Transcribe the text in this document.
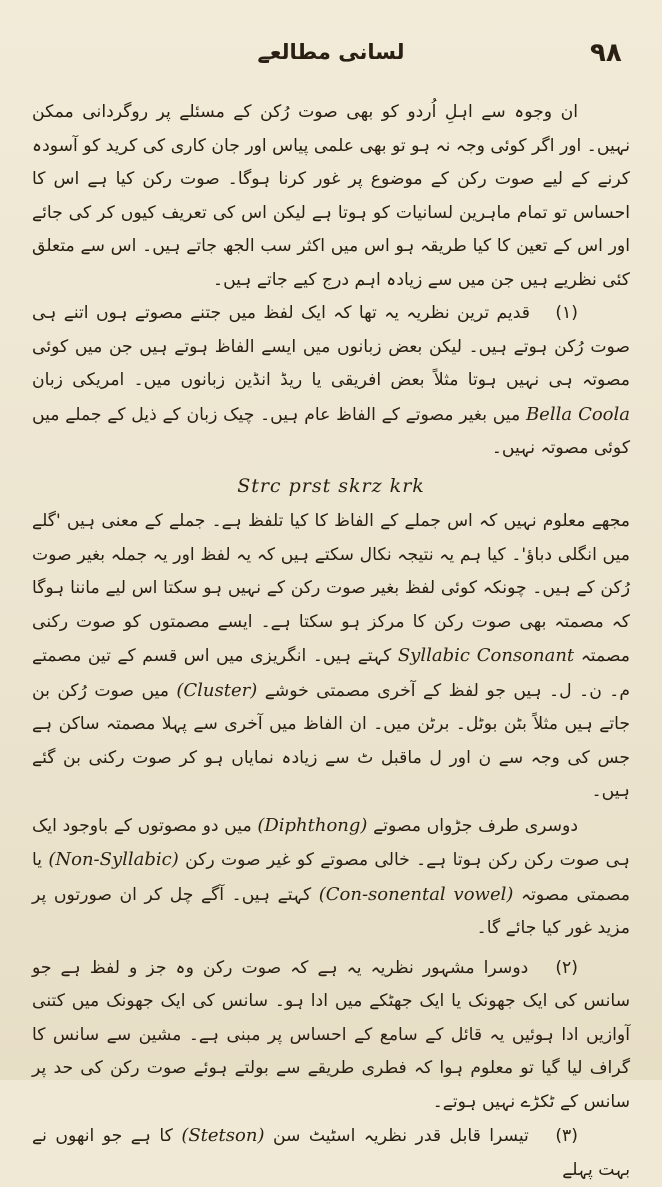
لسانی مطالعے	۹۸

ان وجوہ سے اہلِ اُردو کو بھی صوت رُکن کے مسئلے پر روگردانی ممکن نہیں۔ اور اگر کوئی وجہ نہ ہو تو بھی علمی پیاس اور جان کاری کی کرید کو آسودہ کرنے کے لیے صوت رکن کے موضوع پر غور کرنا ہوگا۔ صوت رکن کیا ہے اس کا احساس تو تمام ماہرین لسانیات کو ہوتا ہے لیکن اس کی تعریف کیوں کر کی جائے اور اس کے تعین کا کیا طریقہ ہو اس میں اکثر سب الجھ جاتے ہیں۔ اس سے متعلق کئی نظریے ہیں جن میں سے زیادہ اہم درج کیے جاتے ہیں۔

(۱) قدیم ترین نظریہ یہ تھا کہ ایک لفظ میں جتنے مصوتے ہوں اتنے ہی صوت رُکن ہوتے ہیں۔ لیکن بعض زبانوں میں ایسے الفاظ ہوتے ہیں جن میں کوئی مصوتہ ہی نہیں ہوتا مثلاً بعض افریقی یا ریڈ انڈین زبانوں میں۔ امریکی زبان Bella Coola میں بغیر مصوتے کے الفاظ عام ہیں۔ چیک زبان کے ذیل کے جملے میں کوئی مصوتہ نہیں۔

Strc prst skrz krk

مجھے معلوم نہیں کہ اس جملے کے الفاظ کا کیا تلفظ ہے۔ جملے کے معنی ہیں 'گلے میں انگلی دباؤ'۔ کیا ہم یہ نتیجہ نکال سکتے ہیں کہ یہ لفظ اور یہ جملہ بغیر صوت رُکن کے ہیں۔ چونکہ کوئی لفظ بغیر صوت رکن کے نہیں ہو سکتا اس لیے ماننا ہوگا کہ مصمتہ بھی صوت رکن کا مرکز ہو سکتا ہے۔ ایسے مصمتوں کو صوت رکنی مصمتہ Syllabic Consonant کہتے ہیں۔ انگریزی میں اس قسم کے تین مصمتے م۔ ن۔ ل۔ ہیں جو لفظ کے آخری مصمتی خوشے (Cluster) میں صوت رُکن بن جاتے ہیں مثلاً بٹن بوٹل۔ برٹن میں۔ ان الفاظ میں آخری سے پہلا مصمتہ ساکن ہے جس کی وجہ سے ن اور ل ماقبل ٹ سے زیادہ نمایاں ہو کر صوت رکنی بن گئے ہیں۔

دوسری طرف جڑواں مصوتے (Diphthong) میں دو مصوتوں کے باوجود ایک ہی صوت رکن رکن ہوتا ہے۔ خالی مصوتے کو غیر صوت رکن (Non-Syllabic) یا مصمتی مصوتہ (Con-sonental vowel) کہتے ہیں۔ آگے چل کر ان صورتوں پر مزید غور کیا جائے گا۔

(۲) دوسرا مشہور نظریہ یہ ہے کہ صوت رکن وہ جز و لفظ ہے جو سانس کی ایک جھونک یا ایک جھٹکے میں ادا ہو۔ سانس کی ایک جھونک میں کتنی آوازیں ادا ہوئیں یہ قائل کے سامع کے احساس پر مبنی ہے۔ مشین سے سانس کا گراف لیا گیا تو معلوم ہوا کہ فطری طریقے سے بولتے ہوئے صوت رکن کی حد پر سانس کے ٹکڑے نہیں ہوتے۔

(۳) تیسرا قابل قدر نظریہ اسٹیٹ سن (Stetson) کا ہے جو انھوں نے بہت پہلے
